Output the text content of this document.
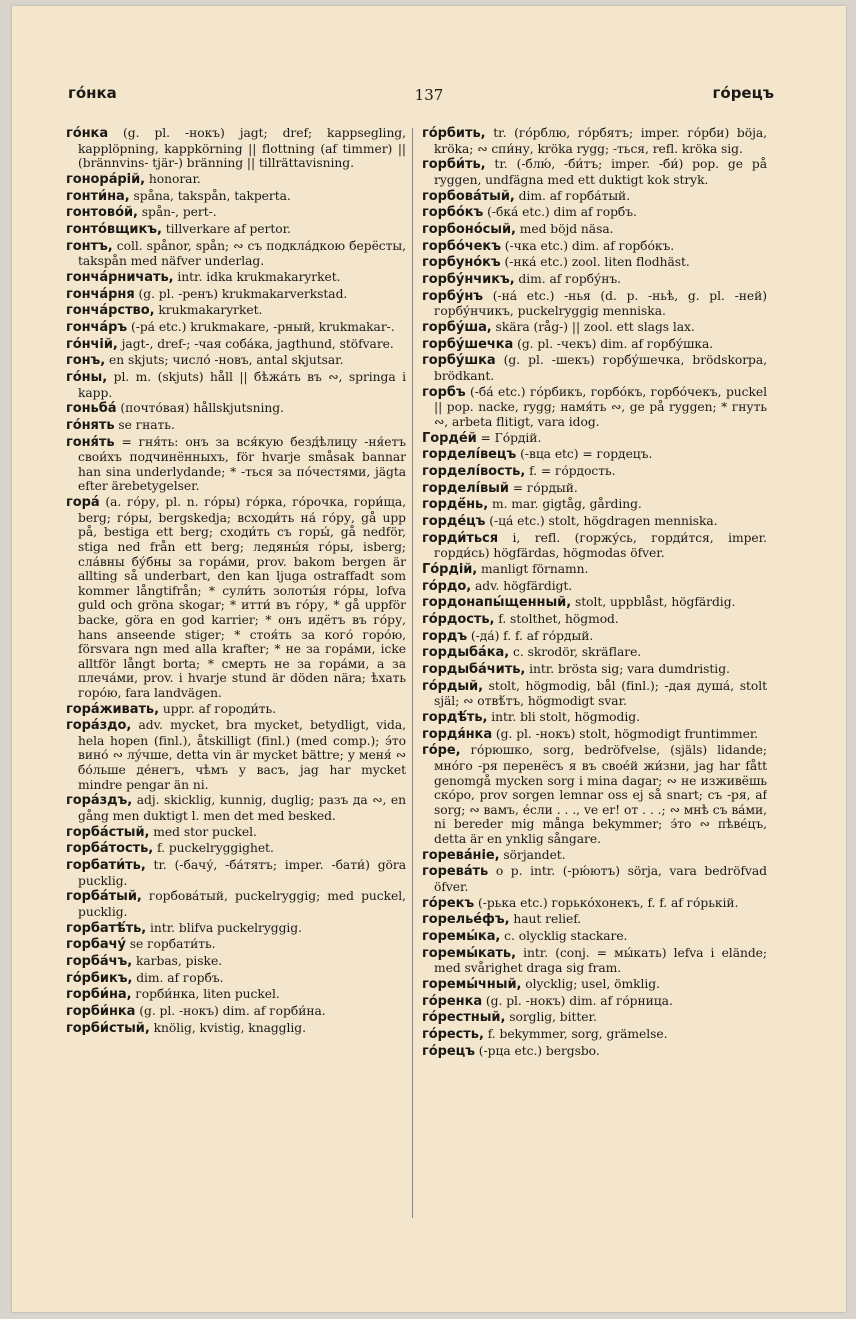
го́нка	137	го́рецъ

го́нка (g. pl. -нокъ) jagt; dref; kappsegling, kapplöpning, kappkörning || flottning (af timmer) || (brännvins- tjär-) bränning || tillrättavisning.

гонора́рій, honorar.

гонти́на, spåna, takspån, takperta.

гонтово́й, spån-, pert-.

гонто́вщикъ, tillverkare af pertor.

гонтъ, coll. spånor, spån; ∾ съ подкла́дкою берёсты, takspån med näfver underlag.

гонча́рничать, intr. idka krukmakaryrket.

гонча́рня (g. pl. -ренъ) krukmakarverkstad.

гонча́рство, krukmakaryrket.

гонча́ръ (-ра́ etc.) krukmakare, -рный, krukmakar-.

го́нчій, jagt-, dref-; -чая соба́ка, jagthund, stöfvare.

гонъ, en skjuts; число́ -новъ, antal skjutsar.

го́ны, pl. m. (skjuts) håll || бѣжа́ть въ ∾, springa i kapp.

гоньба́ (почто́вая) hållskjutsning.

го́нять se гнать.

гоня́ть = гня́ть: онъ за вся́кую безд́ѣлицу -ня́етъ свои́хъ подчинённыхъ, för hvarje småsak bannar han sina underlydande; * -ться за по́честями, jägta efter ärebetygelser.

гора́ (a. го́ру, pl. n. го́ры) го́рка, го́рочка, гори́ща, berg; го́ры, bergskedja; всходи́ть на́ го́ру, gå upp på, bestiga ett berg; сходи́ть съ горы́, gå nedför, stiga ned från ett berg; ледяны́я го́ры, isberg; сла́вны бу́бны за гора́ми, prov. bakom bergen är allting så underbart, den kan ljuga ostraffadt som kommer långtifrån; * сули́ть золоты́я го́ры, lofva guld och gröna skogar; * итти́ въ го́ру, * gå uppför backe, göra en god karrier; * онъ идётъ въ го́ру, hans anseende stiger; * стоя́ть за кого́ горо́ю, försvara ngn med alla krafter; * не за гора́ми, icke alltför långt borta; * смерть не за гора́ми, а за плеча́ми, prov. i hvarje stund är döden nära; ѣхать горо́ю, fara landvägen.

гора́живать, uppr. af городи́ть.

гора́здо, adv. mycket, bra mycket, betydligt, vida, hela hopen (finl.), åtskilligt (finl.) (med comp.); э́то вино́ ∾ лу́чше, detta vin är mycket bättre; у меня́ ∾ бо́льше де́негъ, чѣмъ у васъ, jag har mycket mindre pengar än ni.

гора́здъ, adj. skicklig, kunnig, duglig; разъ да ∾, en gång men duktigt l. men det med besked.

горба́стый, med stor puckel.

горба́тость, f. puckelryggighet.

горбати́ть, tr. (-бачу́, -ба́тятъ; imper. -бати́) göra pucklig.

горба́тый, горбова́тый, puckelryggig; med puckel, pucklig.

горбатѣ́ть, intr. blifva puckelryggig.

горбачу́ se горбати́ть.

горба́чъ, karbas, piske.

го́рбикъ, dim. af горбъ.

горби́на, горби́нка, liten puckel.

горби́нка (g. pl. -нокъ) dim. af горби́на.

горби́стый, knölig, kvistig, knagglig.

го́рбить, tr. (го́рблю, го́рбятъ; imper. го́рби) böja, kröka; ∾ спи́ну, kröka rygg; -ться, refl. kröka sig.

горби́ть, tr. (-блю́, -би́тъ; imper. -би́) pop. ge på ryggen, undfägna med ett duktigt kok stryk.

горбова́тый, dim. af горба́тый.

горбо́къ (-бка́ etc.) dim af горбъ.

горбоно́сый, med böjd näsa.

горбо́чекъ (-чка etc.) dim. af горбо́къ.

горбуно́къ (-нка́ etc.) zool. liten flodhäst.

горбу́нчикъ, dim. af горбу́нъ.

горбу́нъ (-на́ etc.) -нья (d. p. -ньѣ, g. pl. -ней) горбу́нчикъ, puckelryggig menniska.

горбу́ша, skära (råg-) || zool. ett slags lax.

горбу́шечка (g. pl. -чекъ) dim. af горбу́шка.

горбу́шка (g. pl. -шекъ) горбу́шечка, brödskorpa, brödkant.

горбъ (-ба́ etc.) го́рбикъ, горбо́къ, горбо́чекъ, puckel || pop. nacke, rygg; намя́ть ∾, ge på ryggen; * гнуть ∾, arbeta flitigt, vara idog.

Горде́й = Го́рдій.

горделі́вецъ (-вца etc) = гордецъ.

горделі́вость, f. = го́рдость.

горделі́вый = го́рдый.

гордё́нь, m. mar. gigtåg, gårding.

горде́цъ (-ца́ etc.) stolt, högdragen menniska.

горди́ться i, refl. (горжу́сь, горди́тся, imper. горди́сь) högfärdas, högmodas öfver.

Го́рдій, manligt förnamn.

го́рдо, adv. högfärdigt.

гордонапы́щенный, stolt, uppblåst, högfärdig.

го́рдость, f. stolthet, högmod.

гордъ (-да́) f. f. af го́рдый.

гордыба́ка, c. skrodör, skräflare.

гордыба́чить, intr. brösta sig; vara dumdristig.

го́рдый, stolt, högmodig, bål (finl.); -дая душа́, stolt själ; ∾ отвѣ́тъ, högmodigt svar.

гордѣ́ть, intr. bli stolt, högmodig.

гордя́нка (g. pl. -нокъ) stolt, högmodigt fruntimmer.

го́ре, го́рюшко, sorg, bedröfvelse, (själs) lidande; мно́го -ря перенёсъ я въ свое́й жи́зни, jag har fått genomgå mycken sorg i mina dagar; ∾ не изживёшь ско́ро, prov sorgen lemnar oss ej så snart; съ -ря, af sorg; ∾ вамъ, е́сли . . ., ve er! от . . .; ∾ мнѣ съ ва́ми, ni bereder mig många bekymmer; э́то ∾ пѣвéцъ, detta är en ynklig sångare.

горева́ніе, sörjandet.

горева́ть o p. intr. (-рю́ютъ) sörja, vara bedröfvad öfver.

го́рекъ (-рька etc.) горькóхонекъ, f. f. af го́рькій.

горелье́фъ, haut relief.

горемы́ка, c. olycklig stackare.

горемы́кать, intr. (conj. = мы́кать) lefva i elände; med svårighet draga sig fram.

горемы́чный, olycklig; usel, ömklig.

го́ренка (g. pl. -нокъ) dim. af го́рница.

го́рестный, sorglig, bitter.

го́ресть, f. bekymmer, sorg, grämelse.

го́рецъ (-рца etc.) bergsbo.
